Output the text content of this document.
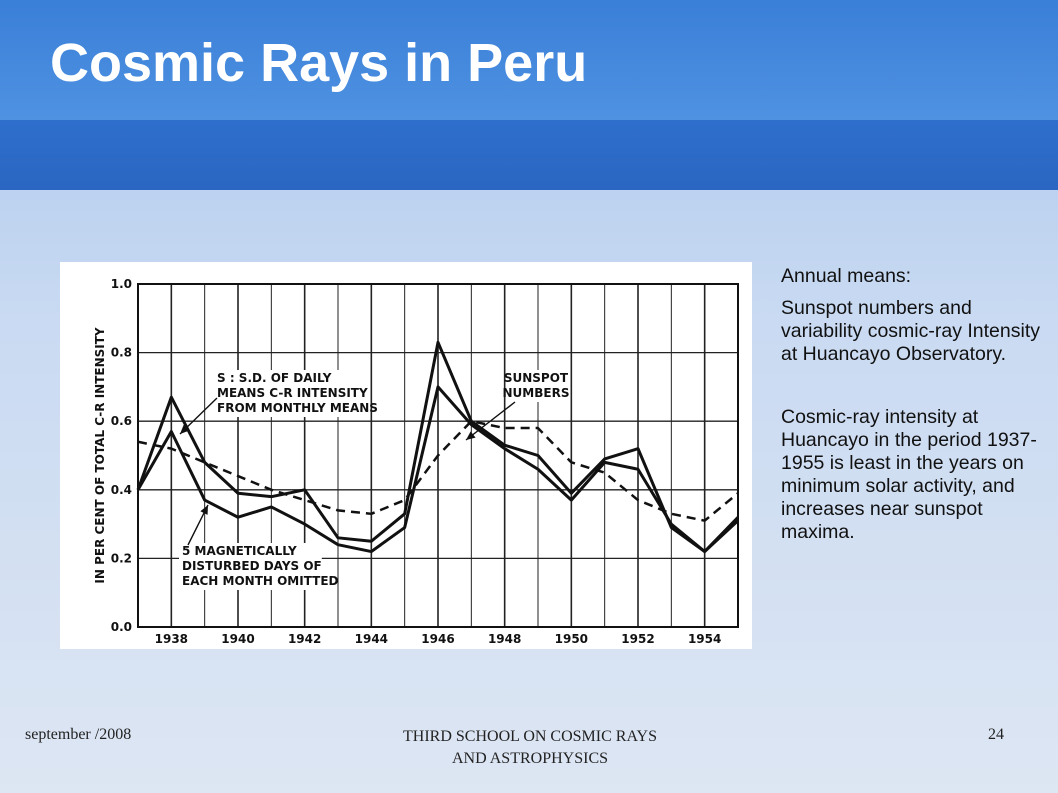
Cosmic Rays in Peru
0.0
0.2
0.4
0.6
0.8
1.0
1938	1940	1942	1944	1946	1948	1950	1952	1954
IN PER CENT OF TOTAL C-R INTENSITY	S : S.D. OF DAILY
MEANS C-R INTENSITY
FROM MONTHLY MEANS
SUNSPOT
NUMBERS
5 MAGNETICALLY
DISTURBED DAYS OF
EACH MONTH OMITTED

Annual means:

Sunspot numbers and variability cosmic-ray Intensity at Huancayo Observatory.

Cosmic-ray intensity at Huancayo in the period 1937-1955 is least in the years on minimum solar activity, and increases near sunspot maxima.

september /2008	THIRD SCHOOL ON COSMIC RAYS
AND ASTROPHYSICS
24
